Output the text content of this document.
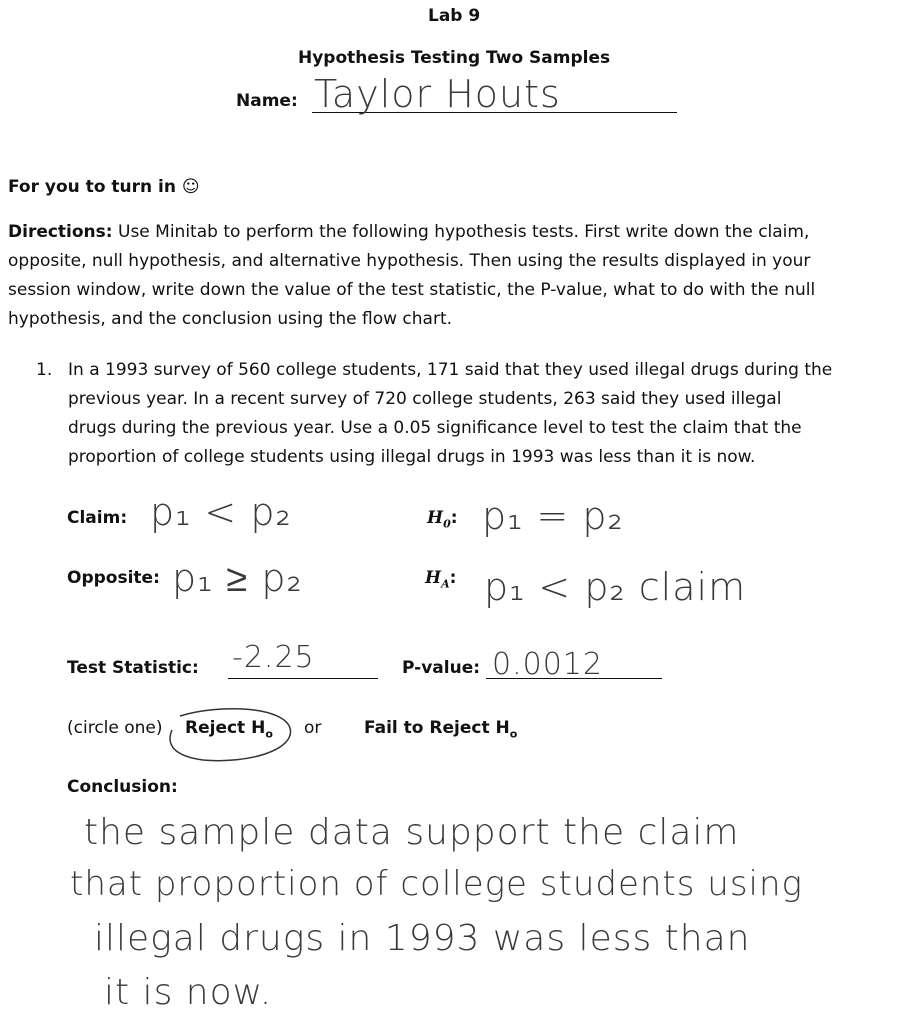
Lab 9
Hypothesis Testing Two Samples
Name: Taylor Houts
For you to turn in ☺
Directions: Use Minitab to perform the following hypothesis tests. First write down the claim,
opposite, null hypothesis, and alternative hypothesis. Then using the results displayed in your
session window, write down the value of the test statistic, the P-value, what to do with the null
hypothesis, and the conclusion using the flow chart.
1. In a 1993 survey of 560 college students, 171 said that they used illegal drugs during the
previous year. In a recent survey of 720 college students, 263 said they used illegal
drugs during the previous year. Use a 0.05 significance level to test the claim that the
proportion of college students using illegal drugs in 1993 was less than it is now.
Claim: p₁ < p₂	$H_0$: p₁ = p₂
Opposite: p₁ ≥ p₂	$H_A$: p₁ < p₂ claim
Test Statistic: -2.25	P-value: 0.0012
(circle one) Reject $H_o$ or	Fail to Reject $H_o$
Conclusion:
the sample data support the claim
that proportion of college students using
illegal drugs in 1993 was less than
it is now.
